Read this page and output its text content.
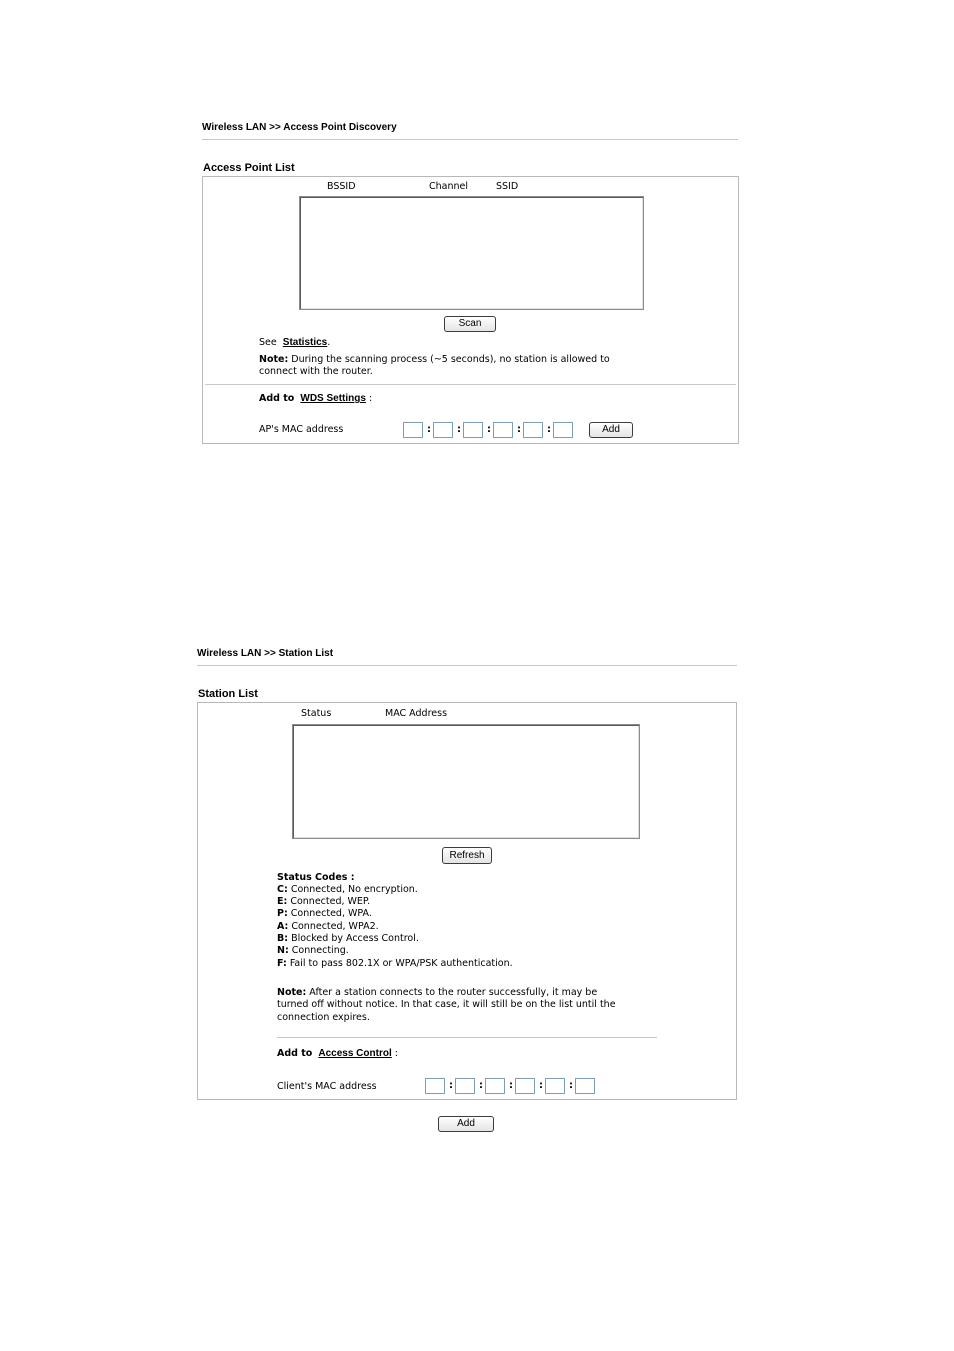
Wireless LAN >> Access Point Discovery
Access Point List
BSSID	Channel	SSID
Scan
See Statistics.
Note: During the scanning process (~5 seconds), no station is allowed to
connect with the router.
Add to WDS Settings :
AP's MAC address	:	:	:	:	:	Add
Wireless LAN >> Station List
Station List
Status	MAC Address
Refresh
Status Codes :
C: Connected, No encryption.
E: Connected, WEP.
P: Connected, WPA.
A: Connected, WPA2.
B: Blocked by Access Control.
N: Connecting.
F: Fail to pass 802.1X or WPA/PSK authentication.
Note: After a station connects to the router successfully, it may be
turned off without notice. In that case, it will still be on the list until the
connection expires.
Add to Access Control :
Client's MAC address	:	:	:	:	:
Add
